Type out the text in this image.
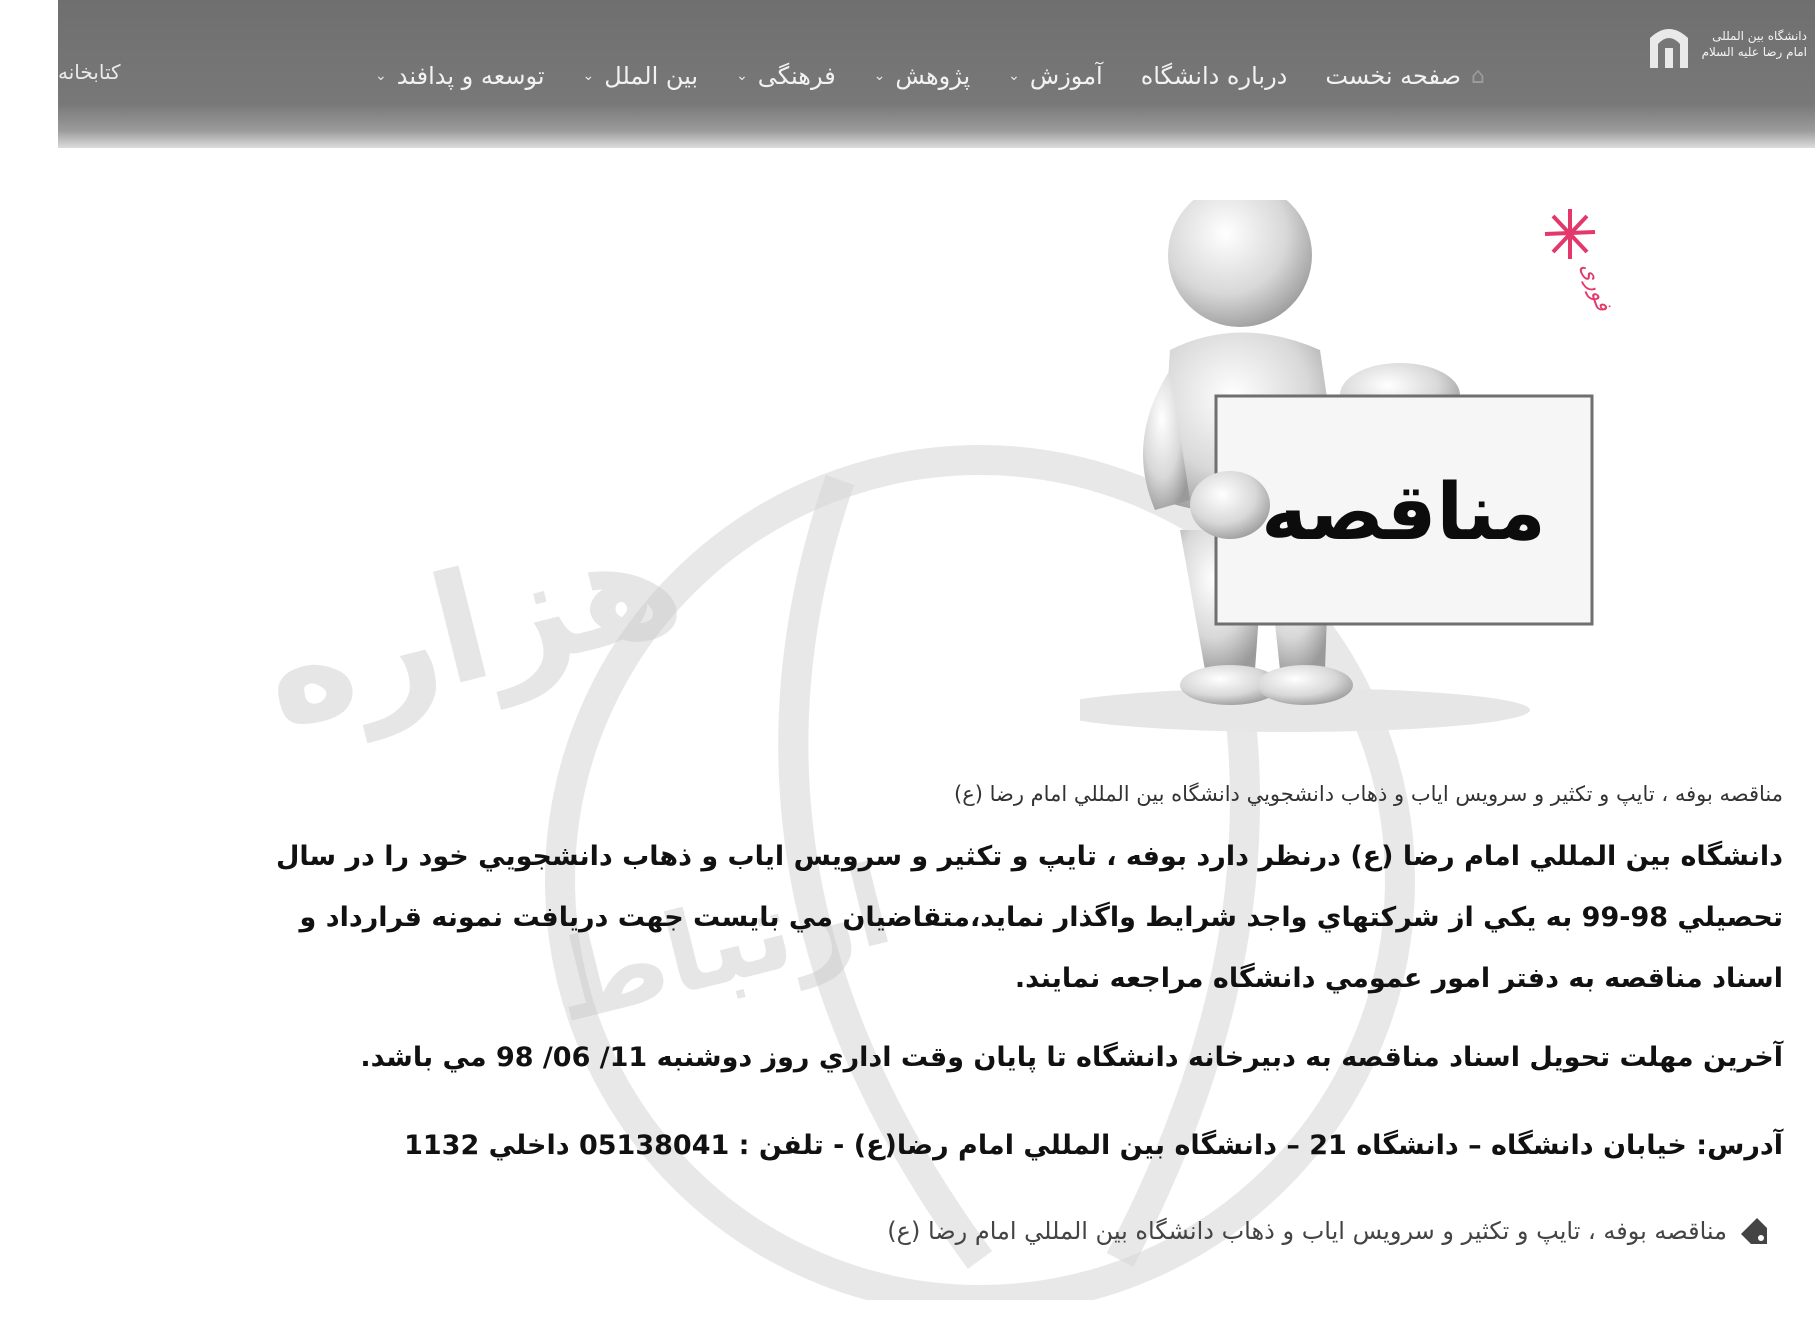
دانشگاه بین المللی
امام رضا علیه السلام
⌂
صفحه نخست
درباره دانشگاه
آموزش
⌄
پژوهش
⌄
فرهنگی
⌄
بین الملل
⌄
توسعه و پدافند
⌄
کتابخانه
هزاره
ارتباط
فوری
مناقصه
مناقصه بوفه ، تايپ و تکثير و سرويس اياب و ذهاب دانشجويي دانشگاه بين المللي امام رضا (ع)
دانشگاه بين المللي امام رضا (ع) درنظر دارد بوفه ، تايپ و تکثير و سرويس اياب و ذهاب دانشجويي خود را در سال تحصيلي 98-99 به يکي از شرکتهاي واجد شرايط واگذار نمايد،متقاضيان مي بايست جهت دريافت نمونه قرارداد و اسناد مناقصه به دفتر امور عمومي دانشگاه مراجعه نمايند.
آخرين مهلت تحويل اسناد مناقصه به دبيرخانه دانشگاه تا پايان وقت اداري روز دوشنبه 11/ 06/ 98 مي باشد.
آدرس: خيابان دانشگاه – دانشگاه 21 – دانشگاه بين المللي امام رضا(ع) - تلفن : 05138041 داخلي 1132
مناقصه بوفه ، تايپ و تکثير و سرويس اياب و ذهاب دانشگاه بين المللي امام رضا (ع)
